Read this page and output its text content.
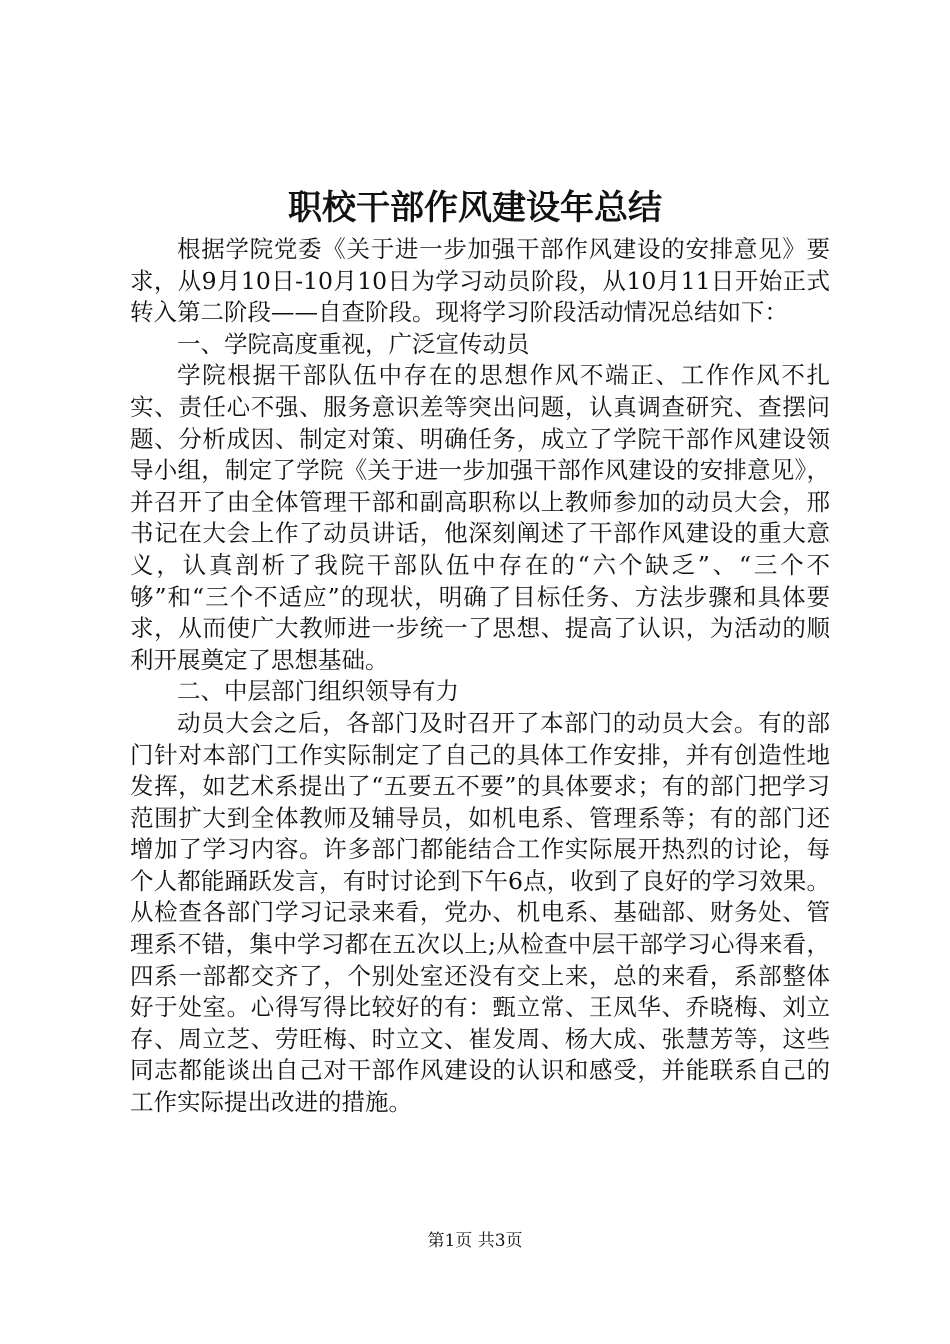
职校干部作风建设年总结

根据学院党委《关于进一步加强干部作风建设的安排意见》要求，从9月10日-10月10日为学习动员阶段，从10月11日开始正式转入第二阶段——自查阶段。现将学习阶段活动情况总结如下：

一、学院高度重视，广泛宣传动员

学院根据干部队伍中存在的思想作风不端正、工作作风不扎实、责任心不强、服务意识差等突出问题，认真调查研究、查摆问题、分析成因、制定对策、明确任务，成立了学院干部作风建设领导小组，制定了学院《关于进一步加强干部作风建设的安排意见》，并召开了由全体管理干部和副高职称以上教师参加的动员大会，邢书记在大会上作了动员讲话，他深刻阐述了干部作风建设的重大意义，认真剖析了我院干部队伍中存在的“六个缺乏”、“三个不够”和“三个不适应”的现状，明确了目标任务、方法步骤和具体要求，从而使广大教师进一步统一了思想、提高了认识，为活动的顺利开展奠定了思想基础。

二、中层部门组织领导有力

动员大会之后，各部门及时召开了本部门的动员大会。有的部门针对本部门工作实际制定了自己的具体工作安排，并有创造性地发挥，如艺术系提出了“五要五不要”的具体要求；有的部门把学习范围扩大到全体教师及辅导员，如机电系、管理系等；有的部门还增加了学习内容。许多部门都能结合工作实际展开热烈的讨论，每个人都能踊跃发言，有时讨论到下午6点，收到了良好的学习效果。从检查各部门学习记录来看，党办、机电系、基础部、财务处、管理系不错，集中学习都在五次以上;从检查中层干部学习心得来看，四系一部都交齐了，个别处室还没有交上来，总的来看，系部整体好于处室。心得写得比较好的有：甄立常、王凤华、乔晓梅、刘立存、周立芝、劳旺梅、时立文、崔发周、杨大成、张慧芳等，这些同志都能谈出自己对干部作风建设的认识和感受，并能联系自己的工作实际提出改进的措施。

第1页 共3页
